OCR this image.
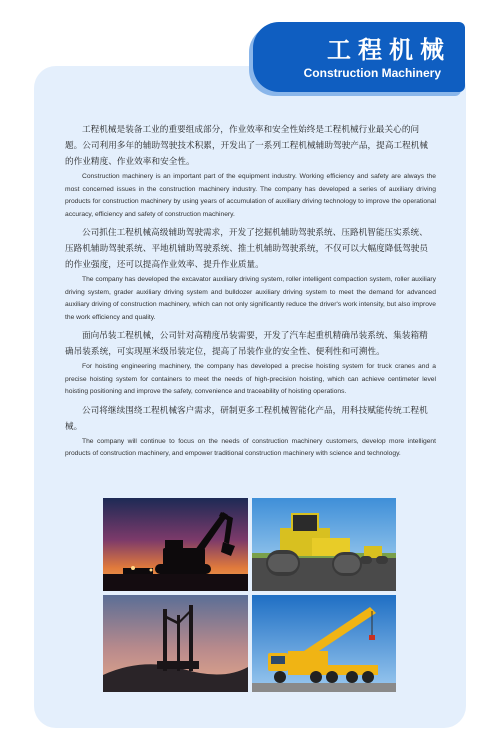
工程机械
Construction Machinery

工程机械是装备工业的重要组成部分，作业效率和安全性始终是工程机械行业最关心的问题。公司利用多年的辅助驾驶技术积累，开发出了一系列工程机械辅助驾驶产品，提高工程机械的作业精度、作业效率和安全性。

Construction machinery is an important part of the equipment industry. Working efficiency and safety are always the most concerned issues in the construction machinery industry. The company has developed a series of auxiliary driving products for construction machinery by using years of accumulation of auxiliary driving technology to improve the operational accuracy, efficiency and safety of construction machinery.

公司抓住工程机械高级辅助驾驶需求，开发了挖掘机辅助驾驶系统、压路机智能压实系统、压路机辅助驾驶系统、平地机辅助驾驶系统、推土机辅助驾驶系统，不仅可以大幅度降低驾驶员的作业强度，还可以提高作业效率、提升作业质量。

The company has developed the excavator auxiliary driving system, roller intelligent compaction system, roller auxiliary driving system, grader auxiliary driving system and bulldozer auxiliary driving system to meet the demand for advanced auxiliary driving of construction machinery, which can not only significantly reduce the driver's work intensity, but also improve the work efficiency and quality.

面向吊装工程机械，公司针对高精度吊装需要，开发了汽车起重机精确吊装系统、集装箱精确吊装系统，可实现厘米级吊装定位，提高了吊装作业的安全性、便利性和可溯性。

For hoisting engineering machinery, the company has developed a precise hoisting system for truck cranes and a precise hoisting system for containers to meet the needs of high-precision hoisting, which can achieve centimeter level hoisting positioning and improve the safety, convenience and traceability of hoisting operations.

公司将继续围绕工程机械客户需求，研制更多工程机械智能化产品，用科技赋能传统工程机械。

The company will continue to focus on the needs of construction machinery customers, develop more intelligent products of construction machinery, and empower traditional construction machinery with science and technology.
